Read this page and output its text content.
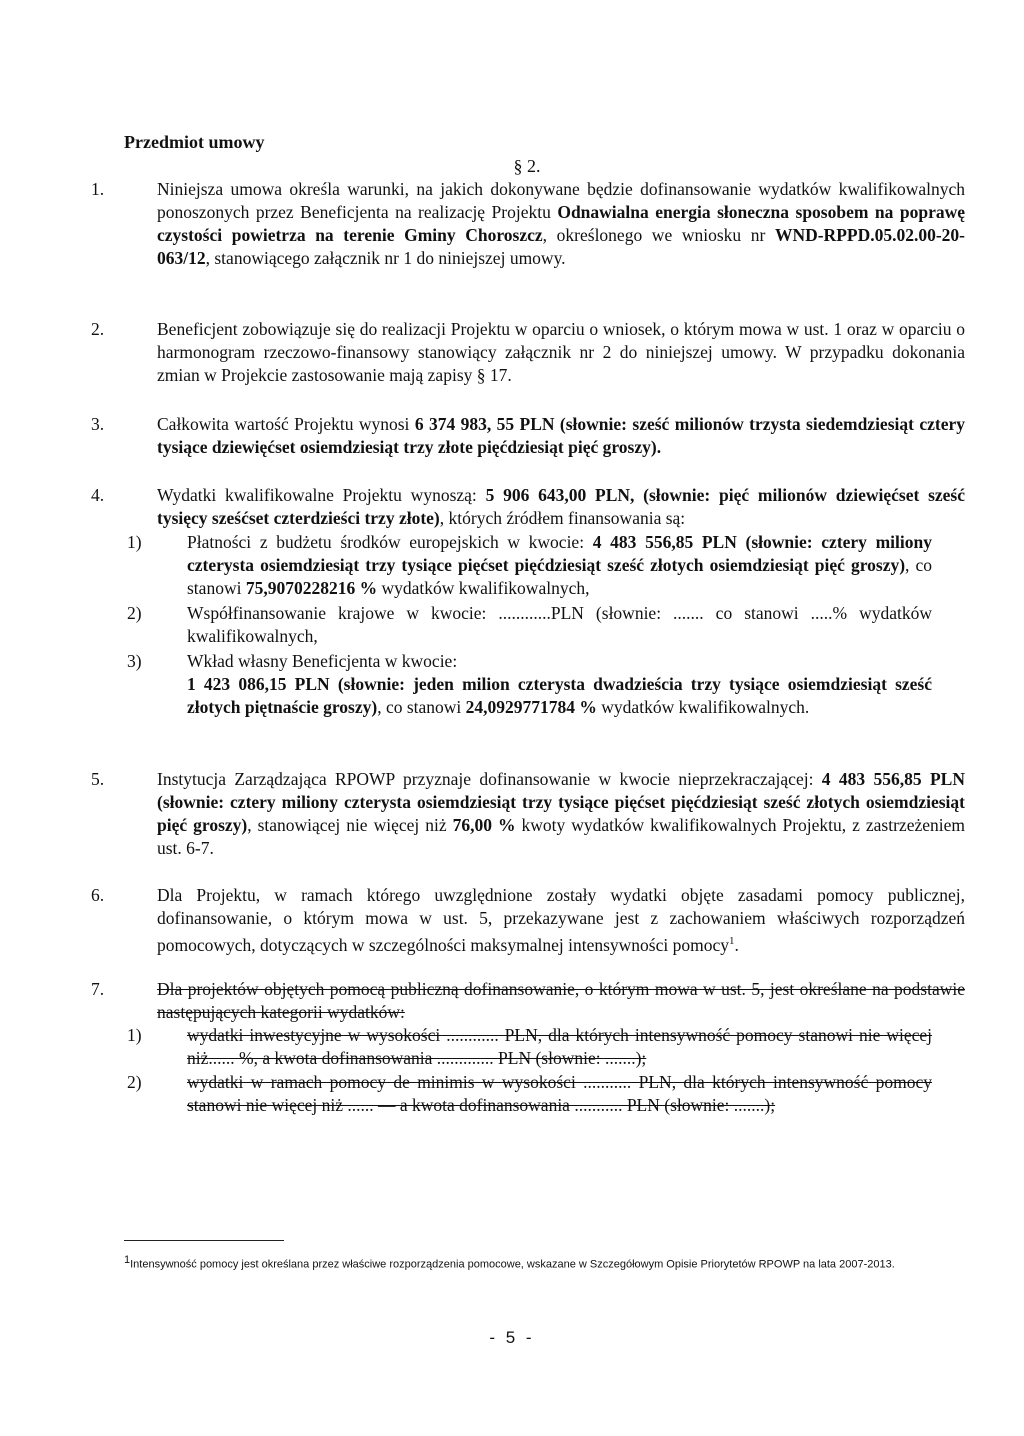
Przedmiot umowy
§ 2.

1.	Niniejsza umowa określa warunki, na jakich dokonywane będzie dofinansowanie wydatków kwalifikowalnych ponoszonych przez Beneficjenta na realizację Projektu Odnawialna energia słoneczna sposobem na poprawę czystości powietrza na terenie Gminy Choroszcz, określonego we wniosku nr WND-RPPD.05.02.00-20-063/12, stanowiącego załącznik nr 1 do niniejszej umowy.

2.	Beneficjent zobowiązuje się do realizacji Projektu w oparciu o wniosek, o którym mowa w ust. 1 oraz w oparciu o harmonogram rzeczowo-finansowy stanowiący załącznik nr 2 do niniejszej umowy. W przypadku dokonania zmian w Projekcie zastosowanie mają zapisy § 17.

3.	Całkowita wartość Projektu wynosi 6 374 983, 55 PLN (słownie: sześć milionów trzysta siedemdziesiąt cztery tysiące dziewięćset osiemdziesiąt trzy złote pięćdziesiąt pięć groszy).

4.	Wydatki kwalifikowalne Projektu wynoszą: 5 906 643,00 PLN, (słownie: pięć milionów dziewięćset sześć tysięcy sześćset czterdzieści trzy złote), których źródłem finansowania są:

1)	Płatności z budżetu środków europejskich w kwocie: 4 483 556,85 PLN (słownie: cztery miliony czterysta osiemdziesiąt trzy tysiące pięćset pięćdziesiąt sześć złotych osiemdziesiąt pięć groszy), co stanowi 75,9070228216 % wydatków kwalifikowalnych,
2)	Współfinansowanie krajowe w kwocie: ............PLN (słownie: ....... co stanowi .....% wydatków kwalifikowalnych,
3)	Wkład własny Beneficjenta w kwocie:
1 423 086,15 PLN (słownie: jeden milion czterysta dwadzieścia trzy tysiące osiemdziesiąt sześć złotych piętnaście groszy), co stanowi 24,0929771784 % wydatków kwalifikowalnych.

5.	Instytucja Zarządzająca RPOWP przyznaje dofinansowanie w kwocie nieprzekraczającej: 4 483 556,85 PLN (słownie: cztery miliony czterysta osiemdziesiąt trzy tysiące pięćset pięćdziesiąt sześć złotych osiemdziesiąt pięć groszy), stanowiącej nie więcej niż 76,00 % kwoty wydatków kwalifikowalnych Projektu, z zastrzeżeniem ust. 6-7.

6.	Dla Projektu, w ramach którego uwzględnione zostały wydatki objęte zasadami pomocy publicznej, dofinansowanie, o którym mowa w ust. 5, przekazywane jest z zachowaniem właściwych rozporządzeń pomocowych, dotyczących w szczególności maksymalnej intensywności pomocy$^1$.

7.	Dla projektów objętych pomocą publiczną dofinansowanie, o którym mowa w ust. 5, jest określane na podstawie następujących kategorii wydatków:

1)	wydatki inwestycyjne w wysokości ............ PLN, dla których intensywność pomocy stanowi nie więcej niż...... %, a kwota dofinansowania ............. PLN (słownie: .......);
2)	wydatki w ramach pomocy de minimis w wysokości ........... PLN, dla których intensywność pomocy stanowi nie więcej niż ...... — a kwota dofinansowania ........... PLN (słownie: .......);
$^1$Intensywność pomocy jest określana przez właściwe rozporządzenia pomocowe, wskazane w Szczegółowym Opisie Priorytetów RPOWP na lata 2007-2013.
- 5 -
